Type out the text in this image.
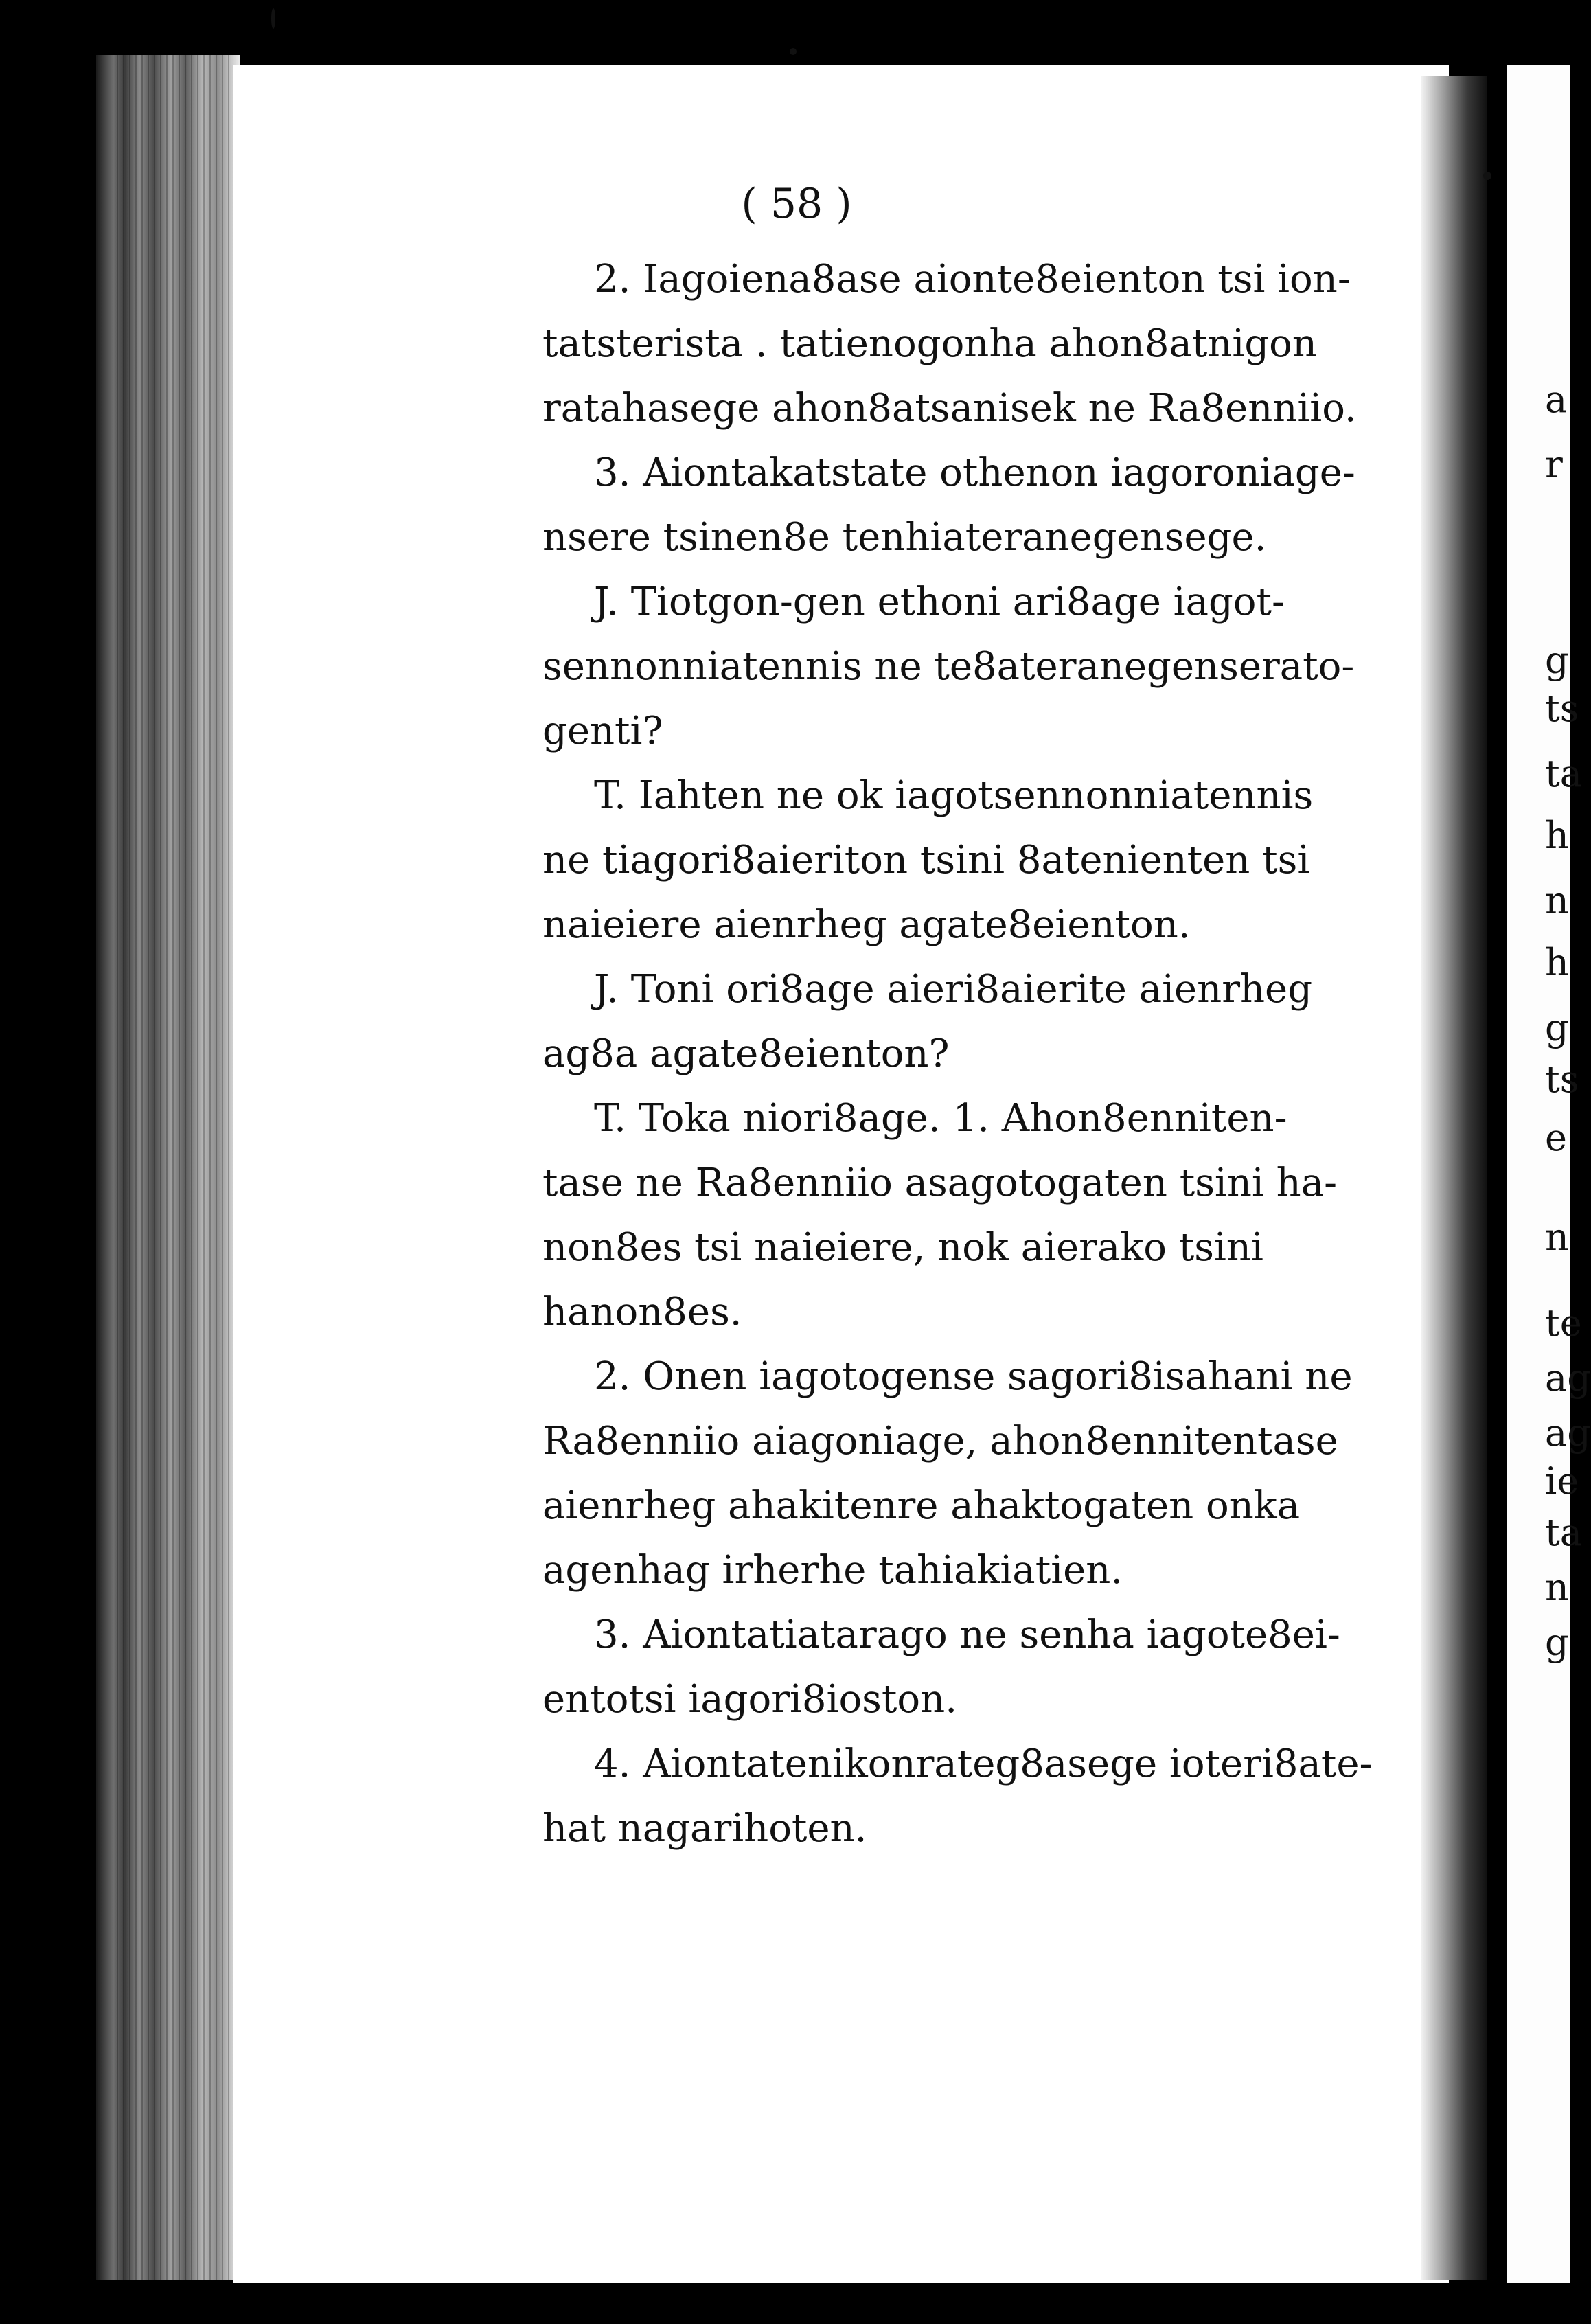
( 58 )
2. Iagoiena8ase aionte8eienton tsi ion-
tatsterista . tatienogonha ahon8atnigon
ratahasege ahon8atsanisek ne Ra8enniio.
3. Aiontakatstate othenon iagoroniage-
nsere tsinen8e tenhiateranegensege.
J. Tiotgon-gen ethoni ari8age iagot-
sennonniatennis ne te8ateranegenserato-
genti?
T. Iahten ne ok iagotsennonniatennis
ne tiagori8aieriton tsini 8atenienten tsi
naieiere aienrheg agate8eienton.
J. Toni ori8age aieri8aierite aienrheg
ag8a agate8eienton?
T. Toka niori8age. 1. Ahon8enniten-
tase ne Ra8enniio asagotogaten tsini ha-
non8es tsi naieiere, nok aierako tsini
hanon8es.
2. Onen iagotogense sagori8isahani ne
Ra8enniio aiagoniage, ahon8ennitentase
aienrheg ahakitenre ahaktogaten onka
agenhag irherhe tahiakiatien.
3. Aiontatiatarago ne senha iagote8ei-
entotsi iagori8ioston.
4. Aiontatenikonrateg8asege ioteri8ate-
hat nagarihoten.
a
r
g
ts
ta
h
n
h
g
ts
e
n
te
ag
ag
ie
ta
n
g
